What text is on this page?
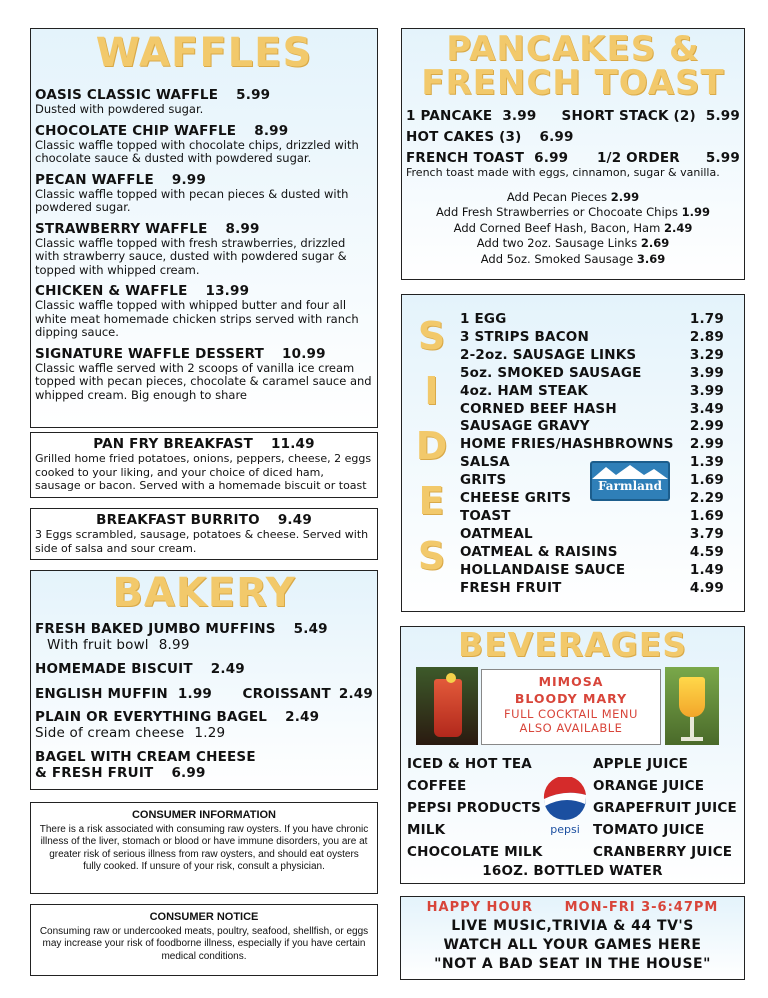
WAFFLES
OASIS CLASSIC WAFFLE 5.99
Dusted with powdered sugar.
CHOCOLATE CHIP WAFFLE 8.99
Classic waffle topped with chocolate chips, drizzled with chocolate sauce & dusted with powdered sugar.
PECAN WAFFLE 9.99
Classic waffle topped with pecan pieces & dusted with powdered sugar.
STRAWBERRY WAFFLE 8.99
Classic waffle topped with fresh strawberries, drizzled with strawberry sauce, dusted with powdered sugar & topped with whipped cream.
CHICKEN & WAFFLE 13.99
Classic waffle topped with whipped butter and four all white meat homemade chicken strips served with ranch dipping sauce.
SIGNATURE WAFFLE DESSERT 10.99
Classic waffle served with 2 scoops of vanilla ice cream topped with pecan pieces, chocolate & caramel sauce and whipped cream. Big enough to share
PAN FRY BREAKFAST 11.49
Grilled home fried potatoes, onions, peppers, cheese, 2 eggs cooked to your liking, and your choice of diced ham, sausage or bacon. Served with a homemade biscuit or toast
BREAKFAST BURRITO 9.49
3 Eggs scrambled, sausage, potatoes & cheese. Served with side of salsa and sour cream.
BAKERY
FRESH BAKED JUMBO MUFFINS 5.49
With fruit bowl 8.99
HOMEMADE BISCUIT 2.49
ENGLISH MUFFIN 1.99 CROISSANT 2.49
PLAIN OR EVERYTHING BAGEL 2.49
Side of cream cheese 1.29
BAGEL WITH CREAM CHEESE
& FRESH FRUIT 6.99
CONSUMER INFORMATION
There is a risk associated with consuming raw oysters. If you have chronic illness of the liver, stomach or blood or have immune disorders, you are at greater risk of serious illness from raw oysters, and should eat oysters fully cooked. If unsure of your risk, consult a physician.
CONSUMER NOTICE
Consuming raw or undercooked meats, poultry, seafood, shellfish, or eggs may increase your risk of foodborne illness, especially if you have certain medical conditions.
PANCAKES &
FRENCH TOAST
1 PANCAKE 3.99 SHORT STACK (2) 5.99
HOT CAKES (3) 6.99
FRENCH TOAST 6.99 1/2 ORDER 5.99
French toast made with eggs, cinnamon, sugar & vanilla.
Add Pecan Pieces 2.99
Add Fresh Strawberries or Chocoate Chips 1.99
Add Corned Beef Hash, Bacon, Ham 2.49
Add two 2oz. Sausage Links 2.69
Add 5oz. Smoked Sausage 3.69
SIDES
1 EGG	1.79
3 STRIPS BACON	2.89
2-2oz. SAUSAGE LINKS	3.29
5oz. SMOKED SAUSAGE	3.99
4oz. HAM STEAK	3.99
CORNED BEEF HASH	3.49
SAUSAGE GRAVY	2.99
HOME FRIES/HASHBROWNS 2.99
SALSA	1.39
GRITS	1.69
CHEESE GRITS	2.29
TOAST	1.69
OATMEAL	3.79
OATMEAL & RAISINS	4.59
HOLLANDAISE SAUCE	1.49
FRESH FRUIT	4.99
Farmland
BEVERAGES
MIMOSA
BLOODY MARY
FULL COCKTAIL MENU
ALSO AVAILABLE
ICED & HOT TEA
COFFEE
PEPSI PRODUCTS
MILK
CHOCOLATE MILK
pepsi
APPLE JUICE
ORANGE JUICE
GRAPEFRUIT JUICE
TOMATO JUICE
CRANBERRY JUICE
16OZ. BOTTLED WATER
HAPPY HOUR MON-FRI 3-6:47PM
LIVE MUSIC,TRIVIA & 44 TV'S
WATCH ALL YOUR GAMES HERE
"NOT A BAD SEAT IN THE HOUSE"
